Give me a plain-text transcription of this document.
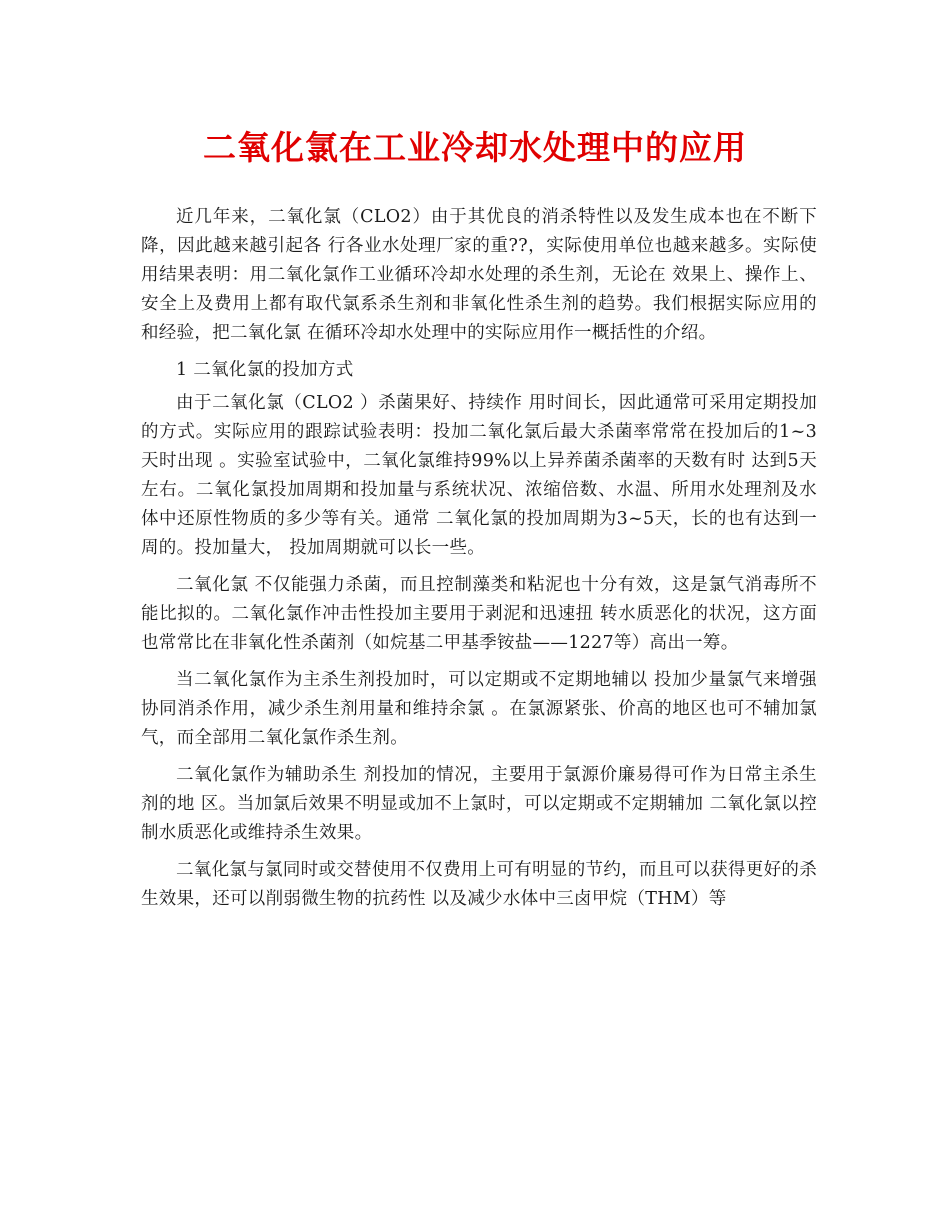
二氧化氯在工业冷却水处理中的应用

近几年来，二氧化氯（CLO2）由于其优良的消杀特性以及发生成本也在不断下降，因此越来越引起各 行各业水处理厂家的重??，实际使用单位也越来越多。实际使用结果表明：用二氧化氯作工业循环冷却水处理的杀生剂，无论在 效果上、操作上、安全上及费用上都有取代氯系杀生剂和非氧化性杀生剂的趋势。我们根据实际应用的和经验，把二氧化氯 在循环冷却水处理中的实际应用作一概括性的介绍。

1 二氧化氯的投加方式

由于二氧化氯（CLO2 ）杀菌果好、持续作 用时间长，因此通常可采用定期投加的方式。实际应用的跟踪试验表明：投加二氧化氯后最大杀菌率常常在投加后的1~3天时出现 。实验室试验中，二氧化氯维持99%以上异养菌杀菌率的天数有时 达到5天左右。二氧化氯投加周期和投加量与系统状况、浓缩倍数、水温、所用水处理剂及水体中还原性物质的多少等有关。通常 二氧化氯的投加周期为3~5天，长的也有达到一周的。投加量大， 投加周期就可以长一些。

二氧化氯 不仅能强力杀菌，而且控制藻类和粘泥也十分有效，这是氯气消毒所不能比拟的。二氧化氯作冲击性投加主要用于剥泥和迅速扭 转水质恶化的状况，这方面也常常比在非氧化性杀菌剂（如烷基二甲基季铵盐——1227等）高出一筹。

当二氧化氯作为主杀生剂投加时，可以定期或不定期地辅以 投加少量氯气来增强协同消杀作用，减少杀生剂用量和维持余氯 。在氯源紧张、价高的地区也可不辅加氯气，而全部用二氧化氯作杀生剂。

二氧化氯作为辅助杀生 剂投加的情况，主要用于氯源价廉易得可作为日常主杀生剂的地 区。当加氯后效果不明显或加不上氯时，可以定期或不定期辅加 二氧化氯以控制水质恶化或维持杀生效果。

二氧化氯与氯同时或交替使用不仅费用上可有明显的节约，而且可以获得更好的杀生效果，还可以削弱微生物的抗药性 以及减少水体中三卤甲烷（THM）等
